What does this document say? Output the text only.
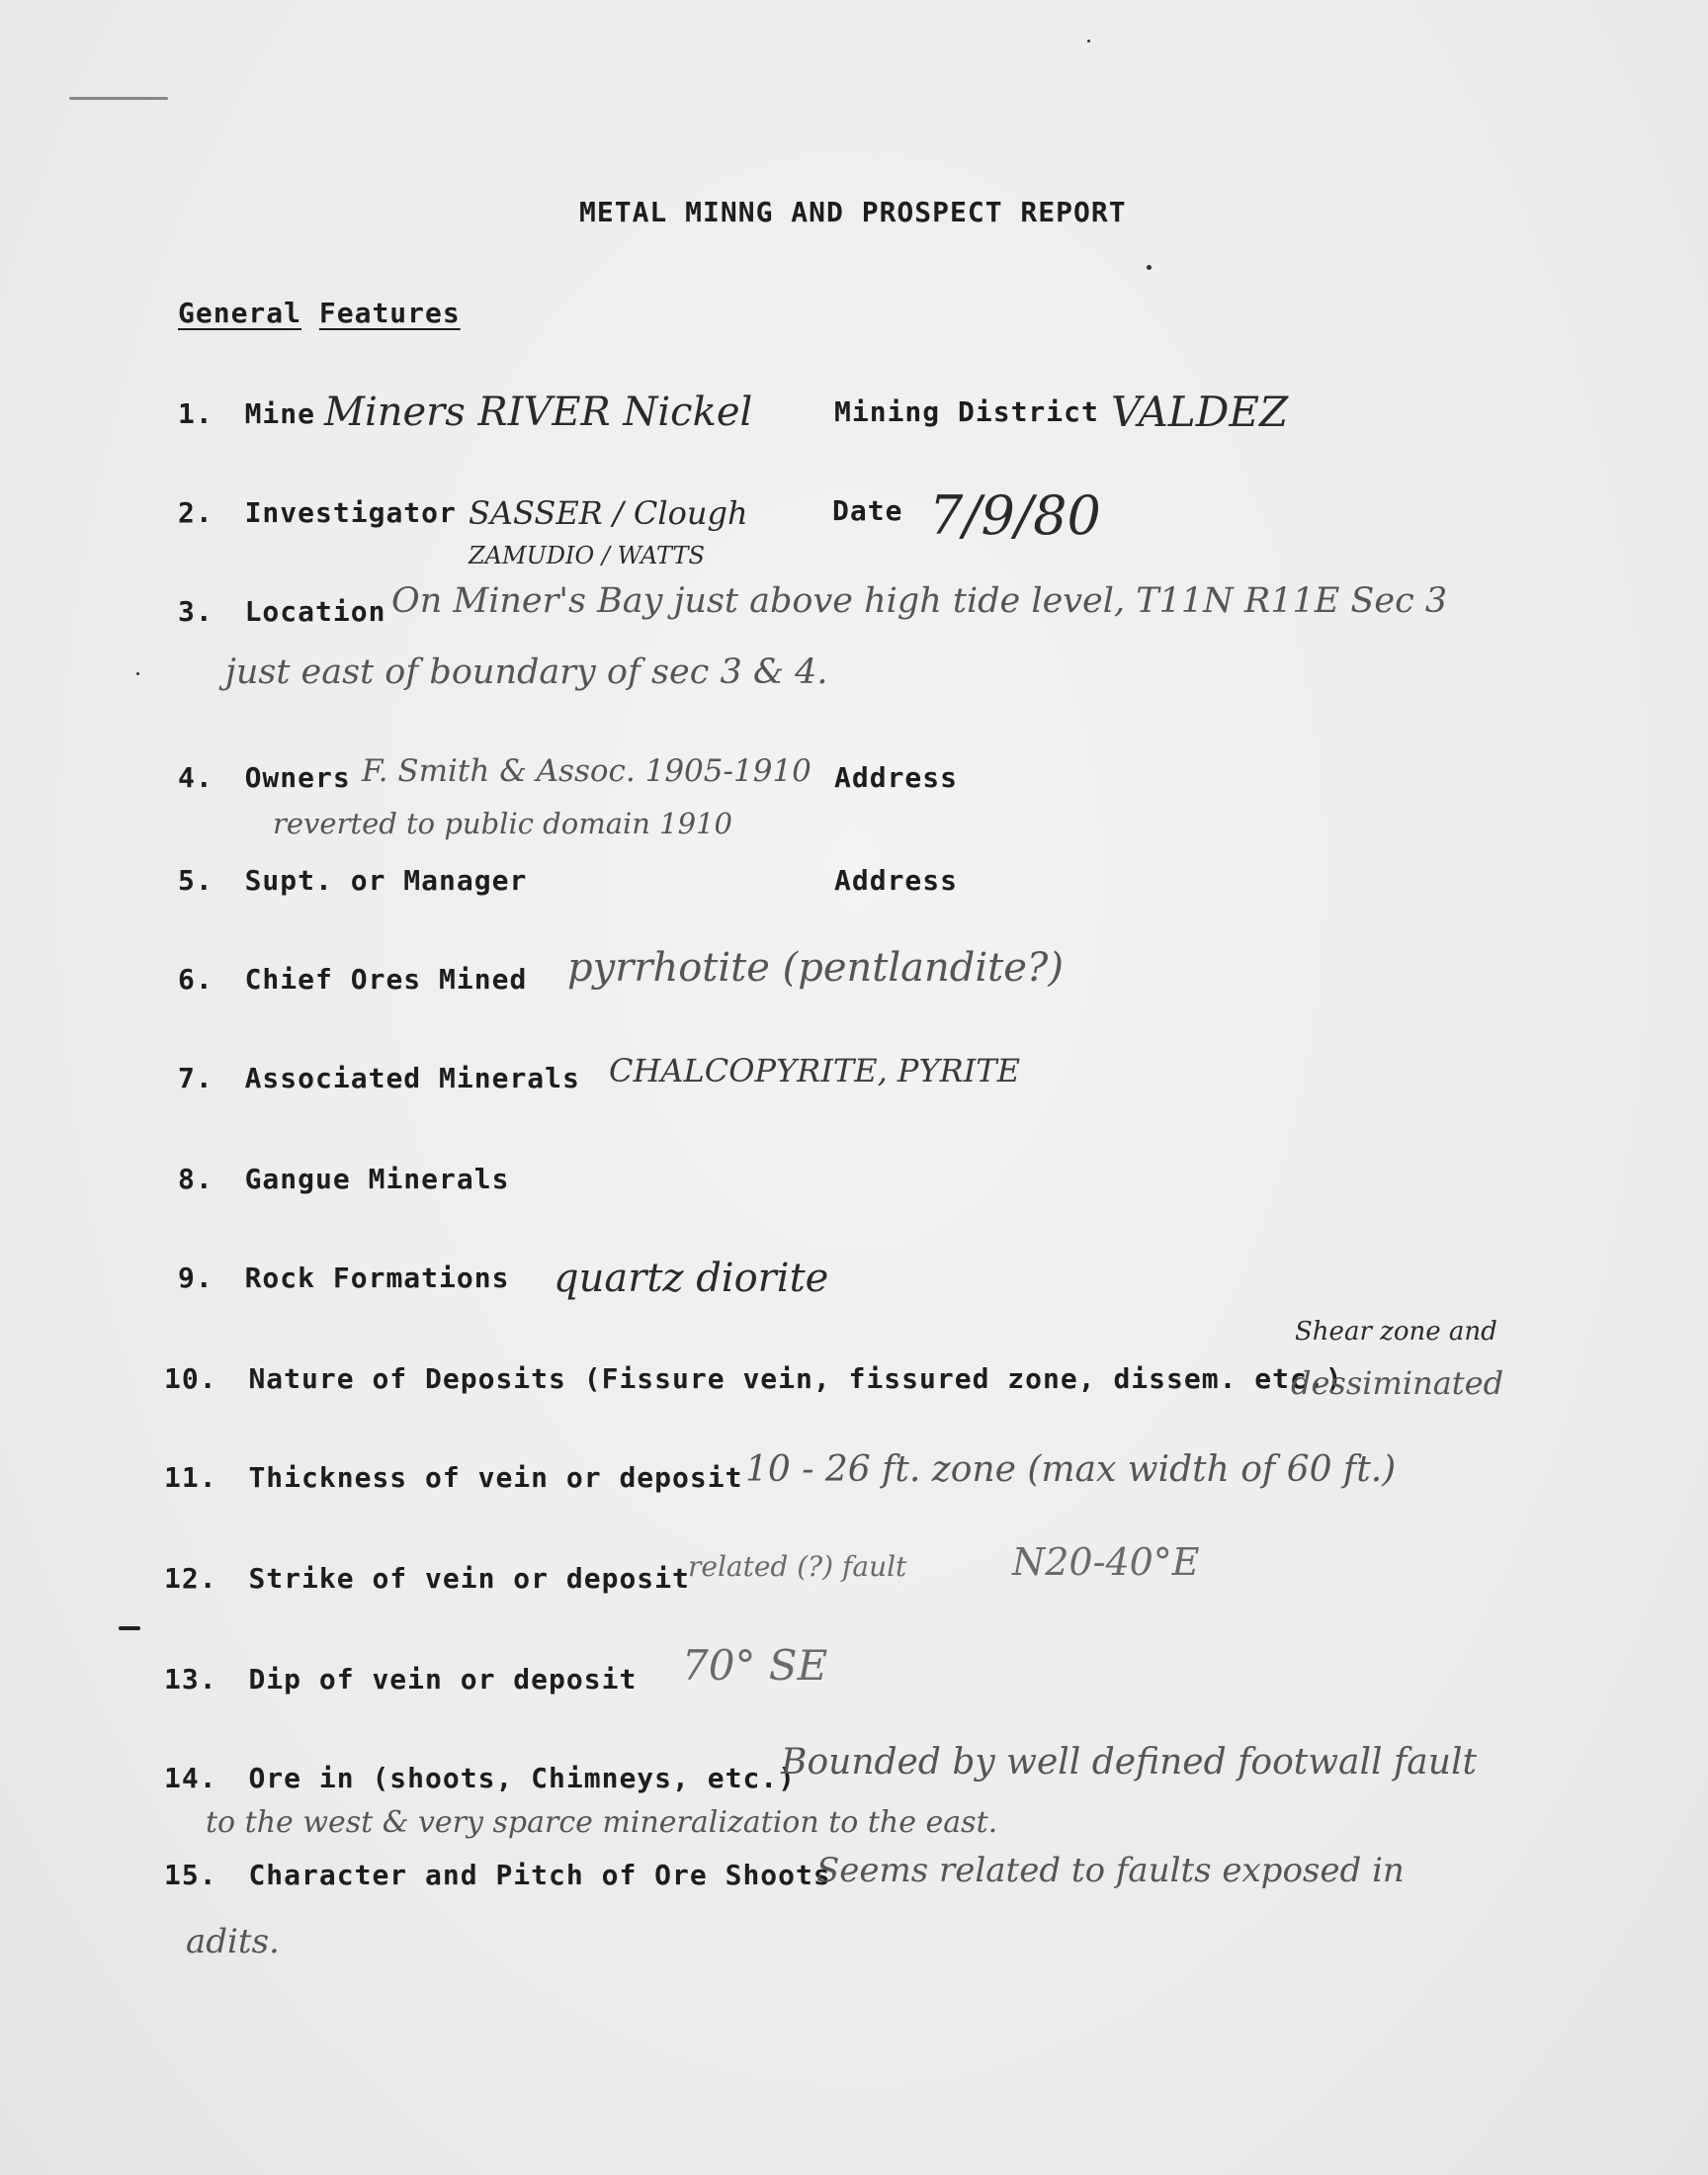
METAL MINNG AND PROSPECT REPORT
General Features
1. Mine Miners RIVER Nickel	Mining District VALDEZ
2. Investigator SASSER / Clough
ZAMUDIO / WATTS
Date 7/9/80
3. Location On Miner's Bay just above high tide level, T11N R11E Sec 3
just east of boundary of sec 3 & 4.
4. Owners F. Smith & Assoc. 1905-1910
reverted to public domain 1910
Address
5. Supt. or Manager	Address
6. Chief Ores Mined pyrrhotite (pentlandite?)
7. Associated Minerals CHALCOPYRITE, PYRITE
8. Gangue Minerals
9. Rock Formations quartz diorite
10. Nature of Deposits (Fissure vein, fissured zone, dissem. etc.)
Shear zone and
dessiminated
11. Thickness of vein or deposit 10 - 26 ft. zone (max width of 60 ft.)
12. Strike of vein or deposit
related (?) fault	N20-40°E
13. Dip of vein or deposit 70° SE
14. Ore in (shoots, Chimneys, etc.)
Bounded by well defined footwall fault
to the west & very sparce mineralization to the east.
15. Character and Pitch of Ore Shoots
Seems related to faults exposed in
adits.
